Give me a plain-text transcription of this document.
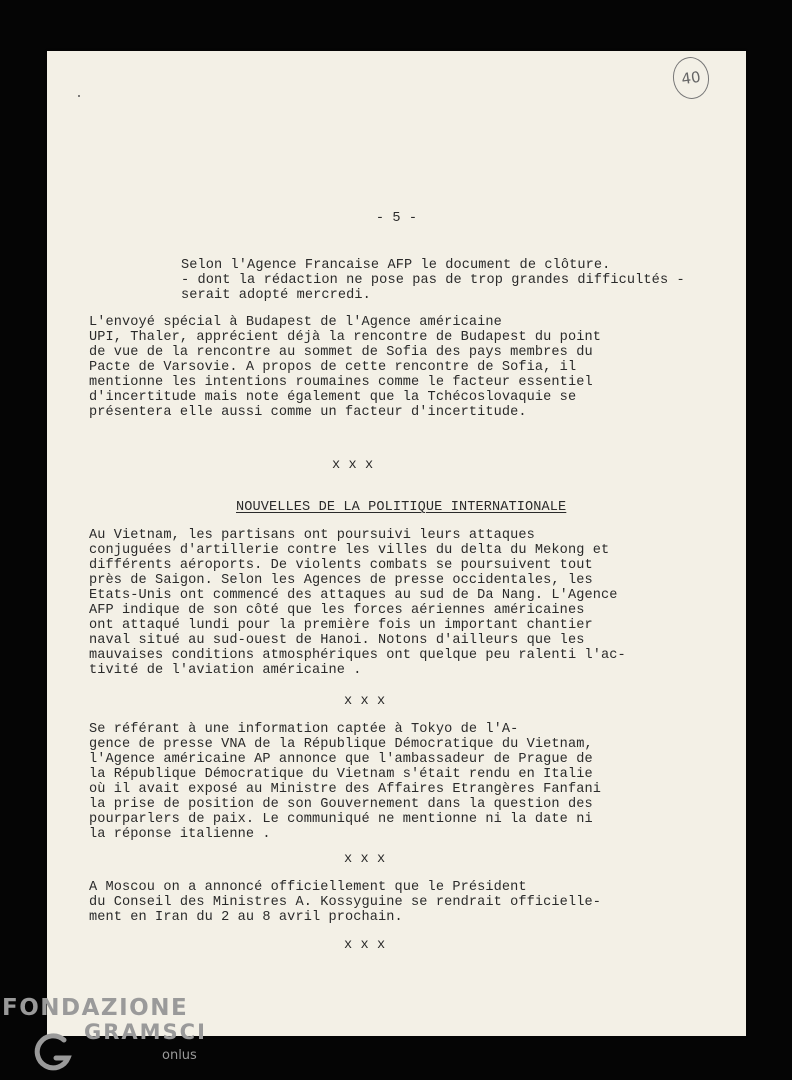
40

- 5 -

Selon l'Agence Francaise AFP le document de clôture.
- dont la rédaction ne pose pas de trop grandes difficultés -
serait adopté mercredi.

L'envoyé spécial à Budapest de l'Agence américaine
UPI, Thaler, apprécient déjà la rencontre de Budapest du point
de vue de la rencontre au sommet de Sofia des pays membres du
Pacte de Varsovie. A propos de cette rencontre de Sofia, il
mentionne les intentions roumaines comme le facteur essentiel
d'incertitude mais note également que la Tchécoslovaquie se
présentera elle aussi comme un facteur d'incertitude.

x x x

NOUVELLES DE LA POLITIQUE INTERNATIONALE

Au Vietnam, les partisans ont poursuivi leurs attaques
conjuguées d'artillerie contre les villes du delta du Mekong et
différents aéroports. De violents combats se poursuivent tout
près de Saigon. Selon les Agences de presse occidentales, les
Etats-Unis ont commencé des attaques au sud de Da Nang. L'Agence
AFP indique de son côté que les forces aériennes américaines
ont attaqué lundi pour la première fois un important chantier
naval situé au sud-ouest de Hanoi. Notons d'ailleurs que les
mauvaises conditions atmosphériques ont quelque peu ralenti l'ac-
tivité de l'aviation américaine .

x x x

Se référant à une information captée à Tokyo de l'A-
gence de presse VNA de la République Démocratique du Vietnam,
l'Agence américaine AP annonce que l'ambassadeur de Prague de
la République Démocratique du Vietnam s'était rendu en Italie
où il avait exposé au Ministre des Affaires Etrangères Fanfani
la prise de position de son Gouvernement dans la question des
pourparlers de paix. Le communiqué ne mentionne ni la date ni
la réponse italienne .

x x x

A Moscou on a annoncé officiellement que le Président
du Conseil des Ministres A. Kossyguine se rendrait officielle-
ment en Iran du 2 au 8 avril prochain.

x x x

FONDAZIONE
GRAMSCI
onlus
